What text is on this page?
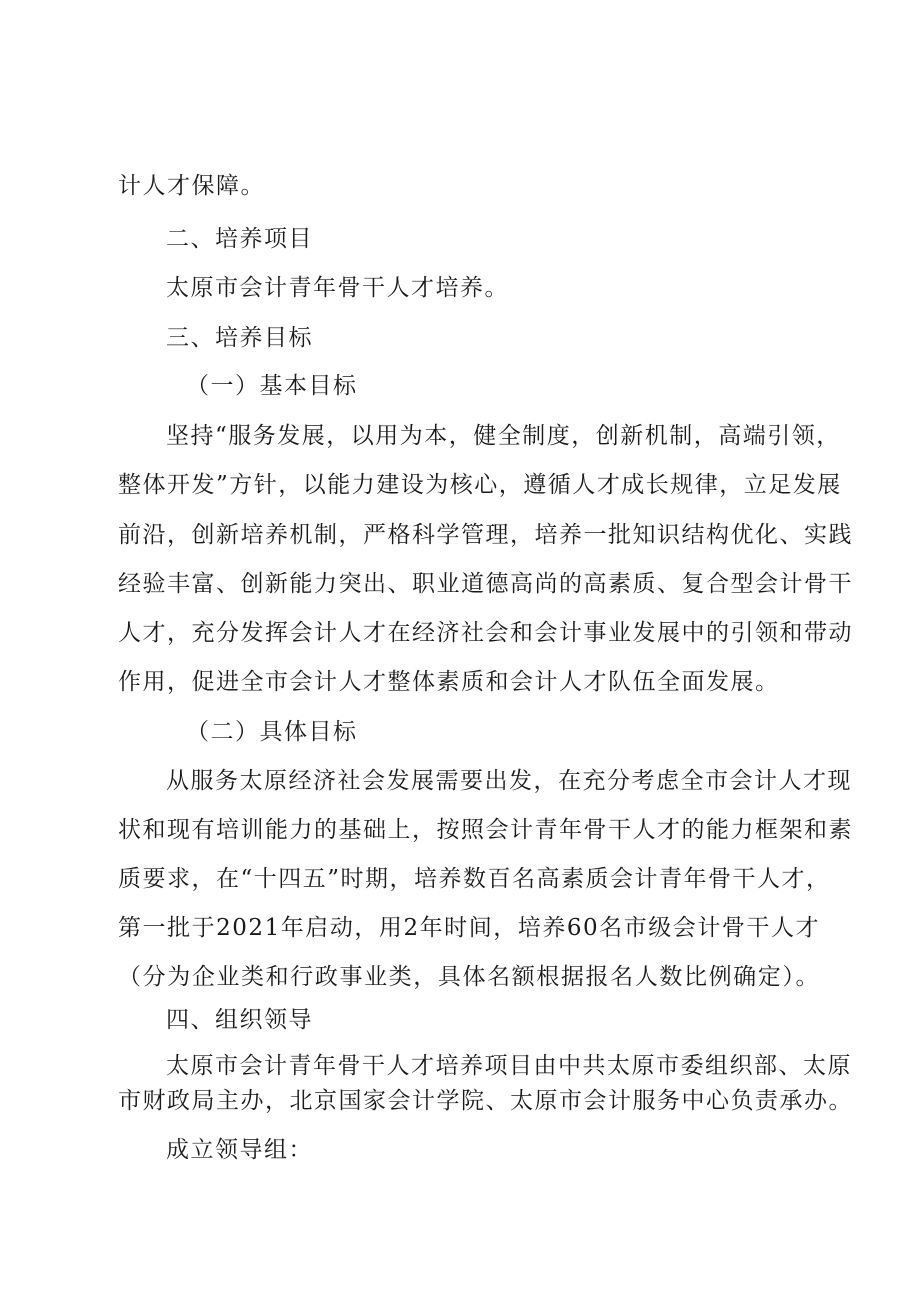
计人才保障。
二、培养项目
太原市会计青年骨干人才培养。
三、培养目标
（一）基本目标
坚持“服务发展，以用为本，健全制度，创新机制，高端引领，
整体开发”方针，以能力建设为核心，遵循人才成长规律，立足发展
前沿，创新培养机制，严格科学管理，培养一批知识结构优化、实践
经验丰富、创新能力突出、职业道德高尚的高素质、复合型会计骨干
人才，充分发挥会计人才在经济社会和会计事业发展中的引领和带动
作用，促进全市会计人才整体素质和会计人才队伍全面发展。
（二）具体目标
从服务太原经济社会发展需要出发，在充分考虑全市会计人才现
状和现有培训能力的基础上，按照会计青年骨干人才的能力框架和素
质要求，在“十四五”时期，培养数百名高素质会计青年骨干人才，
第一批于2021年启动，用2年时间，培养60名市级会计骨干人才
（分为企业类和行政事业类，具体名额根据报名人数比例确定）。
四、组织领导
太原市会计青年骨干人才培养项目由中共太原市委组织部、太原
市财政局主办，北京国家会计学院、太原市会计服务中心负责承办。
成立领导组：
